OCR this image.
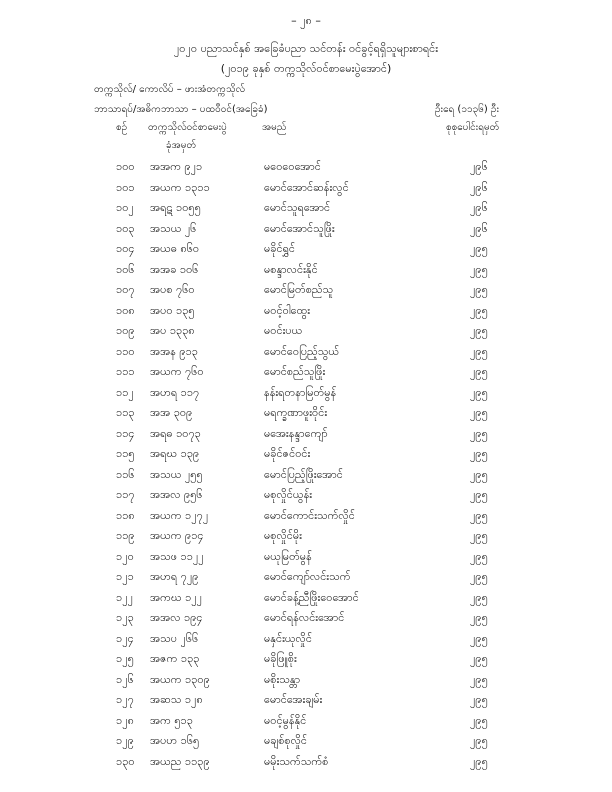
– ၂၈ –
၂၀၂၀ ပညာသင်နှစ် အခြေခံပညာ သင်တန်း ဝင်ခွင့်ရရှိသူများစာရင်း
(၂၀၁၉ ခုနှစ် တက္ကသိုလ်ဝင်စာမေးပွဲအောင်)
တက္ကသိုလ်/ ကောလိပ် – ဖားအံတက္ကသိုလ်
ဘာသာရပ်/အဓိကဘာသာ – ပထဝီဝင်(အခြေခံ)	ဦးရေ (၁၁၃၆) ဦး
စဉ် တက္ကသိုလ်ဝင်စာမေးပွဲ	အမည်	စုစုပေါင်းရမှတ်
ခုံအမှတ်
၁၀၀ အအက ၉၂၁	မဝေဝေအောင်	၂၉၆
၁၀၁ အယက ၁၃၁၁	မောင်အောင်ဆန်းလွင်	၂၉၆
၁၀၂ အရဋ ၁၀၅၅	မောင်သူရအောင်	၂၉၆
၁၀၃ အသယ ၂၆	မောင်အောင်သူဖြိုး	၂၉၆
၁၀၄ အယဓ ၈၆၀	မခိုင်ရွှင်	၂၉၅
၁၀၆ အအခ ၁၀၆	မစန္ဒာလင်းနိုင်	၂၉၅
၁၀၇ အပစ ၇၆၀	မောင်မြတ်စည်သူ	၂၉၅
၁၀၈ အပ၀ ၁၃၅	မဝင့်ဝါထွေး	၂၉၅
၁၀၉ အပ ၁၃၃၈	မဝင်းပယ	၂၉၅
၁၁၀ အအန ၉၁၃	မောင်ဝေပြည့်သွယ်	၂၉၅
၁၁၁ အယက ၇၆၀	မောင်စည်သူဖြိုး	၂၉၅
၁၁၂ အဟရ ၁၁၇	နန်းရတနာမြတ်မွန်	၂၉၅
၁၁၃ အအ ၃၀၉	မရက္ခဏာဖူးဝိုင်း	၂၉၅
၁၁၄ အရဓ ၁၀၇၃	မအေးနန္ဒာကျော်	၂၉၅
၁၁၅ အရဃ ၁၃၉	မခိုင်ဇင်ဝင်း	၂၉၅
၁၁၆ အသယ ၂၅၅	မောင်ပြည့်ဖြိုးအောင်	၂၉၅
၁၁၇ အအလ ၉၅၆	မစုလှိုင်ယွန်း	၂၉၅
၁၁၈ အယက ၁၂၇၂	မောင်ကောင်းသက်လှိုင်	၂၉၅
၁၁၉ အယက ၉၁၄	မစုလှိုင်မိုး	၂၉၅
၁၂၀ အသဖ ၁၁၂၂	မယုမြတ်မွန်	၂၉၅
၁၂၁ အဟရ ၇၂၉	မောင်ကျော်လင်းသက်	၂၉၅
၁၂၂ အကဃ ၁၂၂	မောင်ခန့်ညီဖြိုးဝေအောင်	၂၉၅
၁၂၃ အအလ ၁၉၄	မောင်ရန်လင်းအောင်	၂၉၅
၁၂၄ အသပ ၂၆၆	မနှင်းယုလှိုင်	၂၉၅
၁၂၅ အဇက ၁၃၃	မခိုဖြူစိုး	၂၉၅
၁၂၆ အယက ၁၃၀၉	မစိုးသန္တာ	၂၉၅
၁၂၇ အဆသ ၁၂၈	မောင်အေးချမ်း	၂၉၅
၁၂၈ အက ၅၁၃	မဝင့်မွန်နိုင်	၂၉၅
၁၂၉ အပဟ ၁၆၅	မချစ်စုလှိုင်	၂၉၅
၁၃၀ အယည ၁၁၃၉	မမိုးသက်သက်စံ	၂၉၅
